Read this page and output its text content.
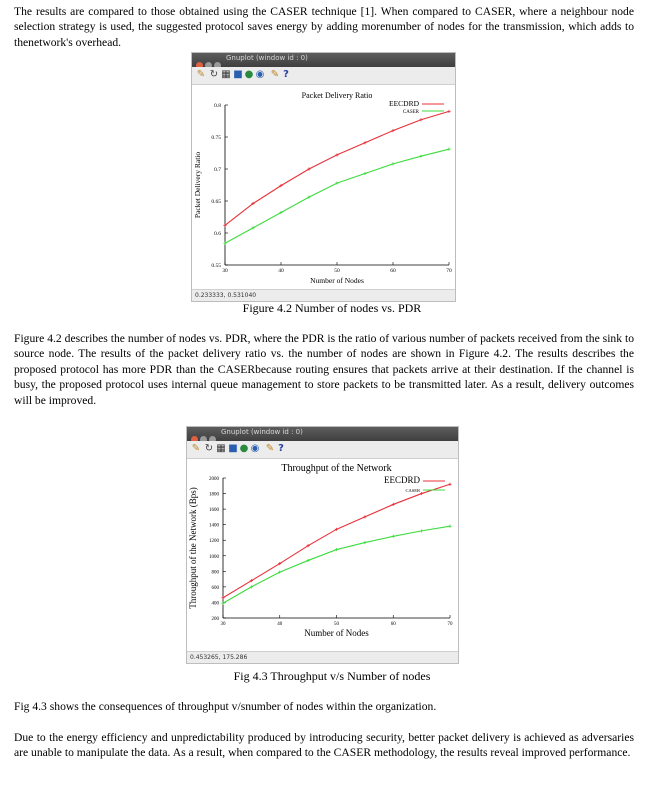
The results are compared to those obtained using the CASER technique [1]. When compared to CASER, where a neighbour node selection strategy is used, the suggested protocol saves energy by adding morenumber of nodes for the transmission, which adds to thenetwork's overhead.

Gnuplot (window id : 0)
✎ ↻ ▦ ■ ● ◉ ✎ ?
Packet Delivery Ratio
0.55
0.6
0.65
0.7
0.75
0.8
30	40	50	60	70
Number of Nodes
Packet Delivery Ratio
EECDRD
CASER
0.233333, 0.531040

Figure 4.2 Number of nodes vs. PDR

Figure 4.2 describes the number of nodes vs. PDR, where the PDR is the ratio of various number of packets received from the sink to source node. The results of the packet delivery ratio vs. the number of nodes are shown in Figure 4.2. The results describes the proposed protocol has more PDR than the CASERbecause routing ensures that packets arrive at their destination. If the channel is busy, the proposed protocol uses internal queue management to store packets to be transmitted later. As a result, delivery outcomes will be improved.

Gnuplot (window id : 0)
✎ ↻ ▦ ■ ● ◉ ✎ ?
Throughput of the Network
200
400
600
800
1000
1200
1400
1600
1800
2000
30	40	50	60	70
Number of Nodes
Throughput of the Network (Bps)
EECDRD
CASER
0.453265, 175.286

Fig 4.3 Throughput v/s Number of nodes

Fig 4.3 shows the consequences of throughput v/snumber of nodes within the organization.

Due to the energy efficiency and unpredictability produced by introducing security, better packet delivery is achieved as adversaries are unable to manipulate the data. As a result, when compared to the CASER methodology, the results reveal improved performance.
